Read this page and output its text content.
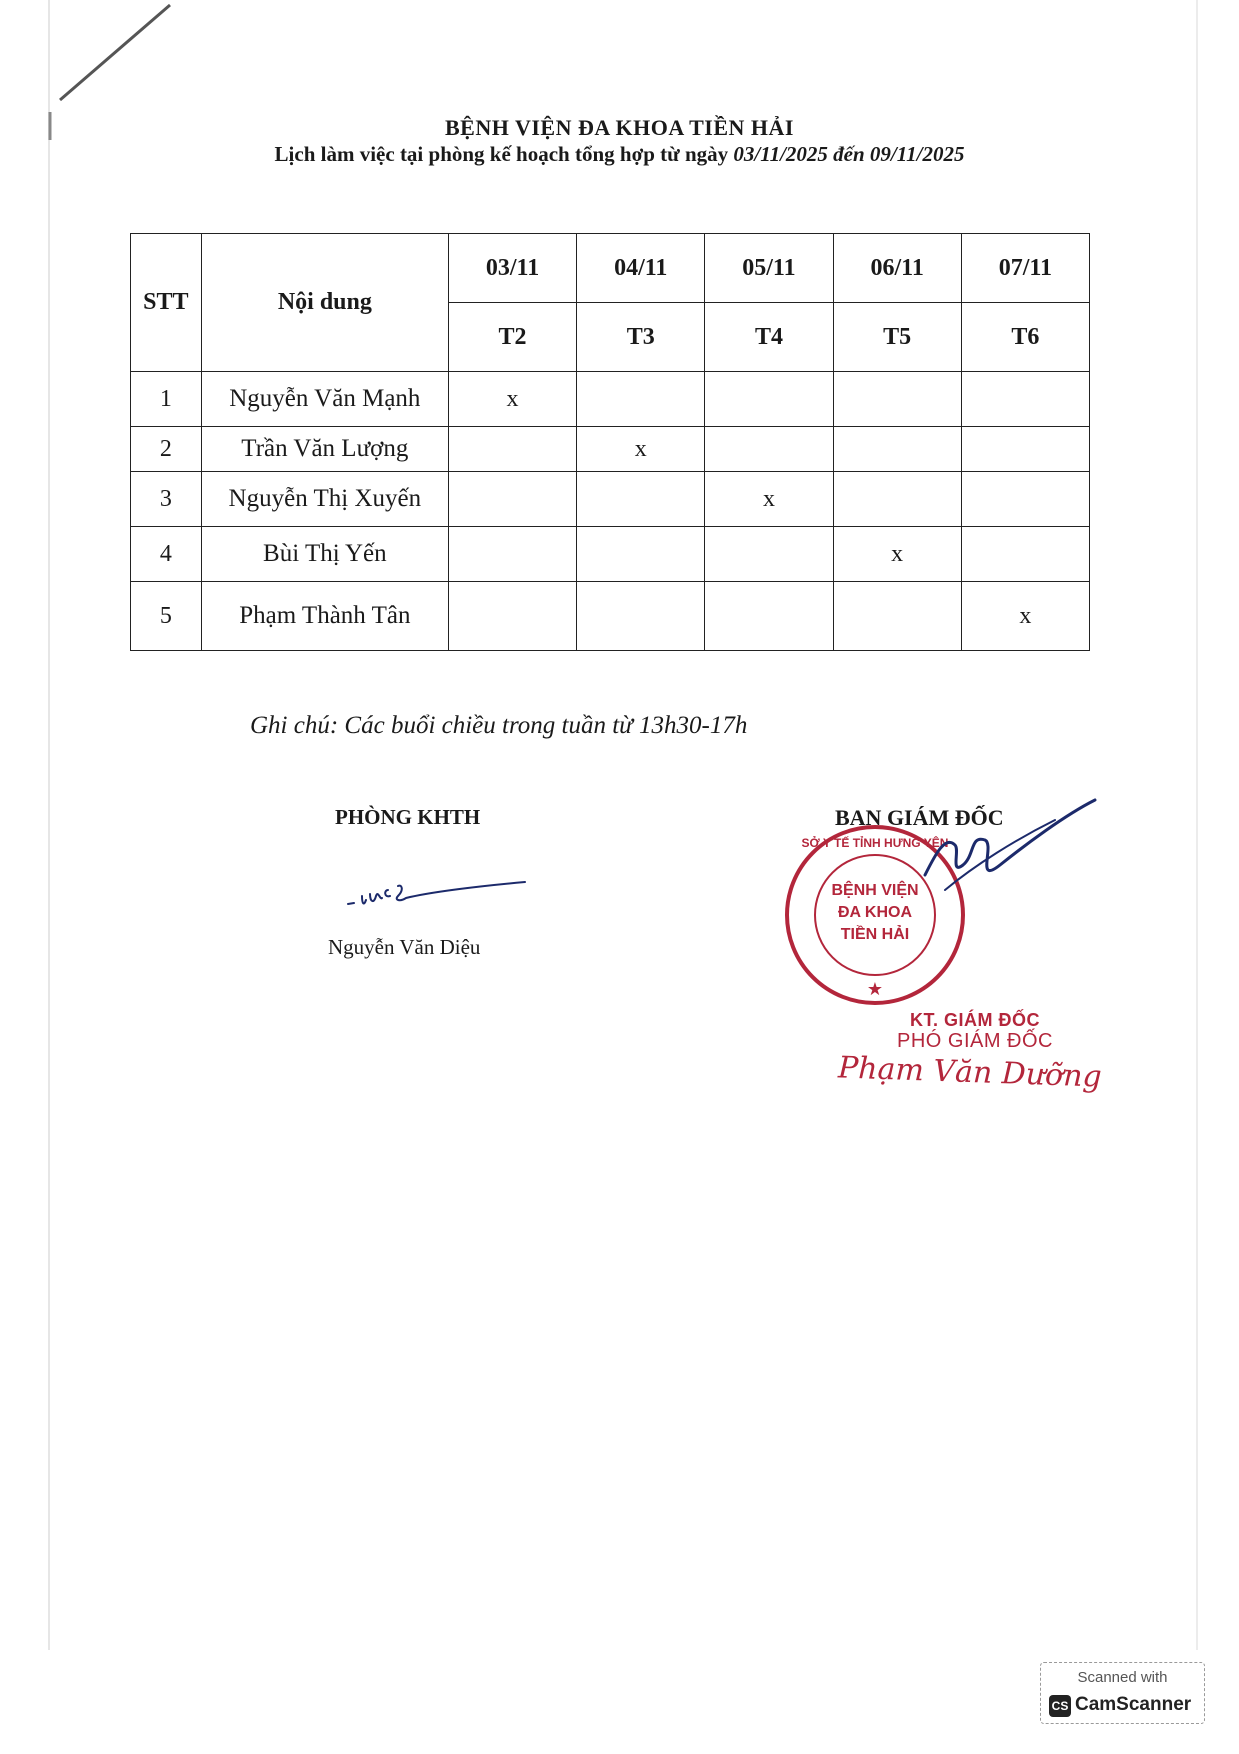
BỆNH VIỆN ĐA KHOA TIỀN HẢI
Lịch làm việc tại phòng kế hoạch tổng hợp từ ngày 03/11/2025 đến 09/11/2025
STT	Nội dung	03/11	04/11	05/11	06/11	07/11
		T2	T3	T4	T5	T6
1	Nguyễn Văn Mạnh	x				
2	Trần Văn Lượng		x			
3	Nguyễn Thị Xuyến			x		
4	Bùi Thị Yến				x	
5	Phạm Thành Tân					x
Ghi chú: Các buổi chiều trong tuần từ 13h30-17h
PHÒNG KHTH
Nguyễn Văn Diệu
BAN GIÁM ĐỐC
★
SỞ Y TẾ TỈNH HƯNG YÊN
BỆNH VIỆN
ĐA KHOA
TIỀN HẢI
KT. GIÁM ĐỐC
PHÓ GIÁM ĐỐC
Phạm Văn Dưỡng
Scanned with
CS CamScanner
